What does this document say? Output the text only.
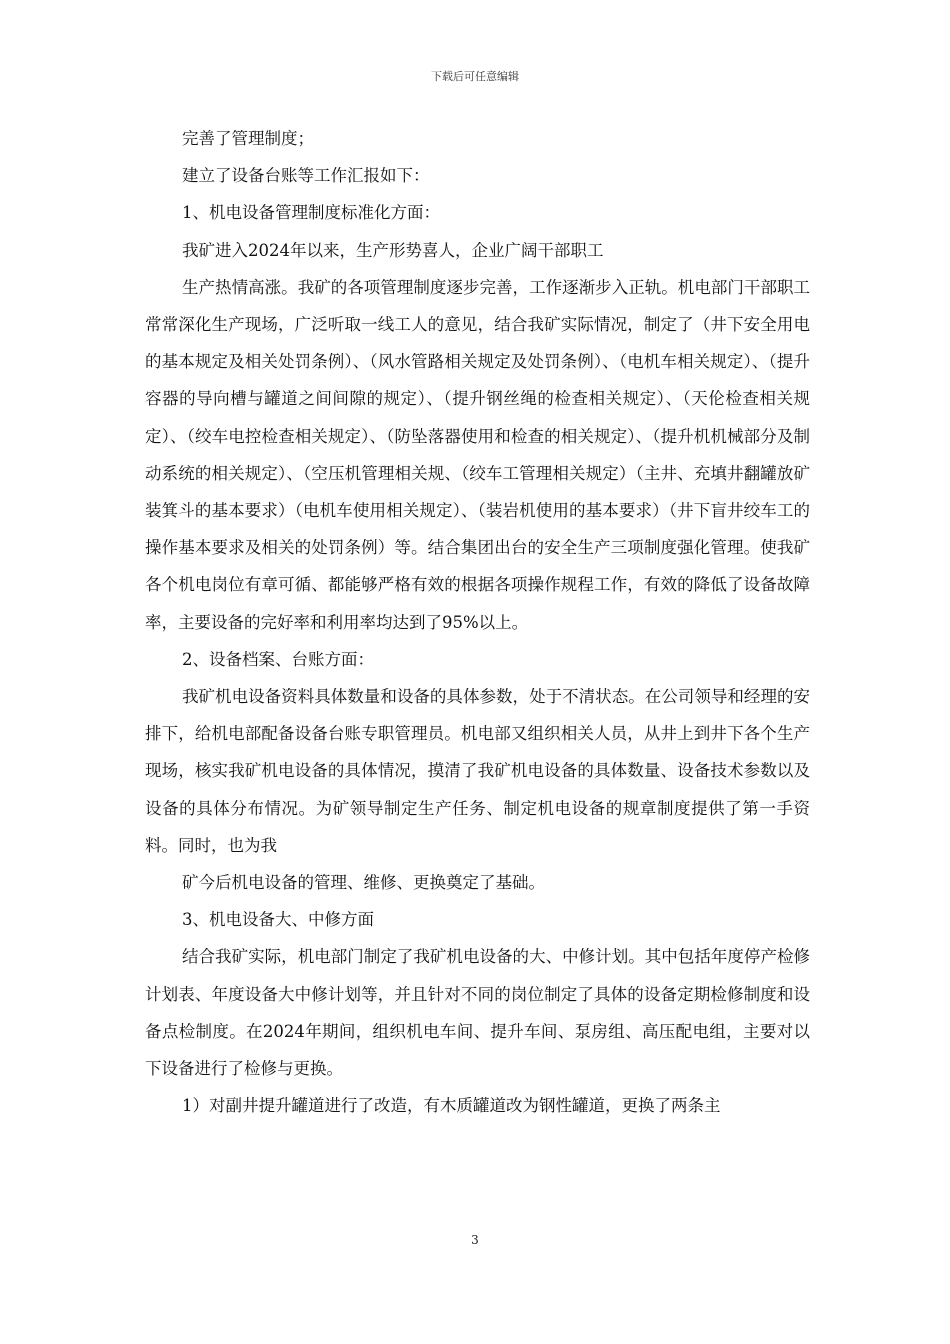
下载后可任意编辑

完善了管理制度；

建立了设备台账等工作汇报如下：

1、机电设备管理制度标准化方面：

我矿进入2024年以来，生产形势喜人，企业广阔干部职工

生产热情高涨。我矿的各项管理制度逐步完善，工作逐渐步入正轨。机电部门干部职工常常深化生产现场，广泛听取一线工人的意见，结合我矿实际情况，制定了（井下安全用电的基本规定及相关处罚条例）、（风水管路相关规定及处罚条例）、（电机车相关规定）、（提升容器的导向槽与罐道之间间隙的规定）、（提升钢丝绳的检查相关规定）、（天伦检查相关规定）、（绞车电控检查相关规定）、（防坠落器使用和检查的相关规定）、（提升机机械部分及制动系统的相关规定）、（空压机管理相关规、（绞车工管理相关规定）（主井、充填井翻罐放矿装箕斗的基本要求）（电机车使用相关规定）、（装岩机使用的基本要求）（井下盲井绞车工的操作基本要求及相关的处罚条例）等。结合集团出台的安全生产三项制度强化管理。使我矿各个机电岗位有章可循、都能够严格有效的根据各项操作规程工作，有效的降低了设备故障率，主要设备的完好率和利用率均达到了95%以上。

2、设备档案、台账方面：

我矿机电设备资料具体数量和设备的具体参数，处于不清状态。在公司领导和经理的安排下，给机电部配备设备台账专职管理员。机电部又组织相关人员，从井上到井下各个生产现场，核实我矿机电设备的具体情况，摸清了我矿机电设备的具体数量、设备技术参数以及设备的具体分布情况。为矿领导制定生产任务、制定机电设备的规章制度提供了第一手资料。同时，也为我

矿今后机电设备的管理、维修、更换奠定了基础。

3、机电设备大、中修方面

结合我矿实际，机电部门制定了我矿机电设备的大、中修计划。其中包括年度停产检修计划表、年度设备大中修计划等，并且针对不同的岗位制定了具体的设备定期检修制度和设备点检制度。在2024年期间，组织机电车间、提升车间、泵房组、高压配电组，主要对以下设备进行了检修与更换。

1）对副井提升罐道进行了改造，有木质罐道改为钢性罐道，更换了两条主

3
